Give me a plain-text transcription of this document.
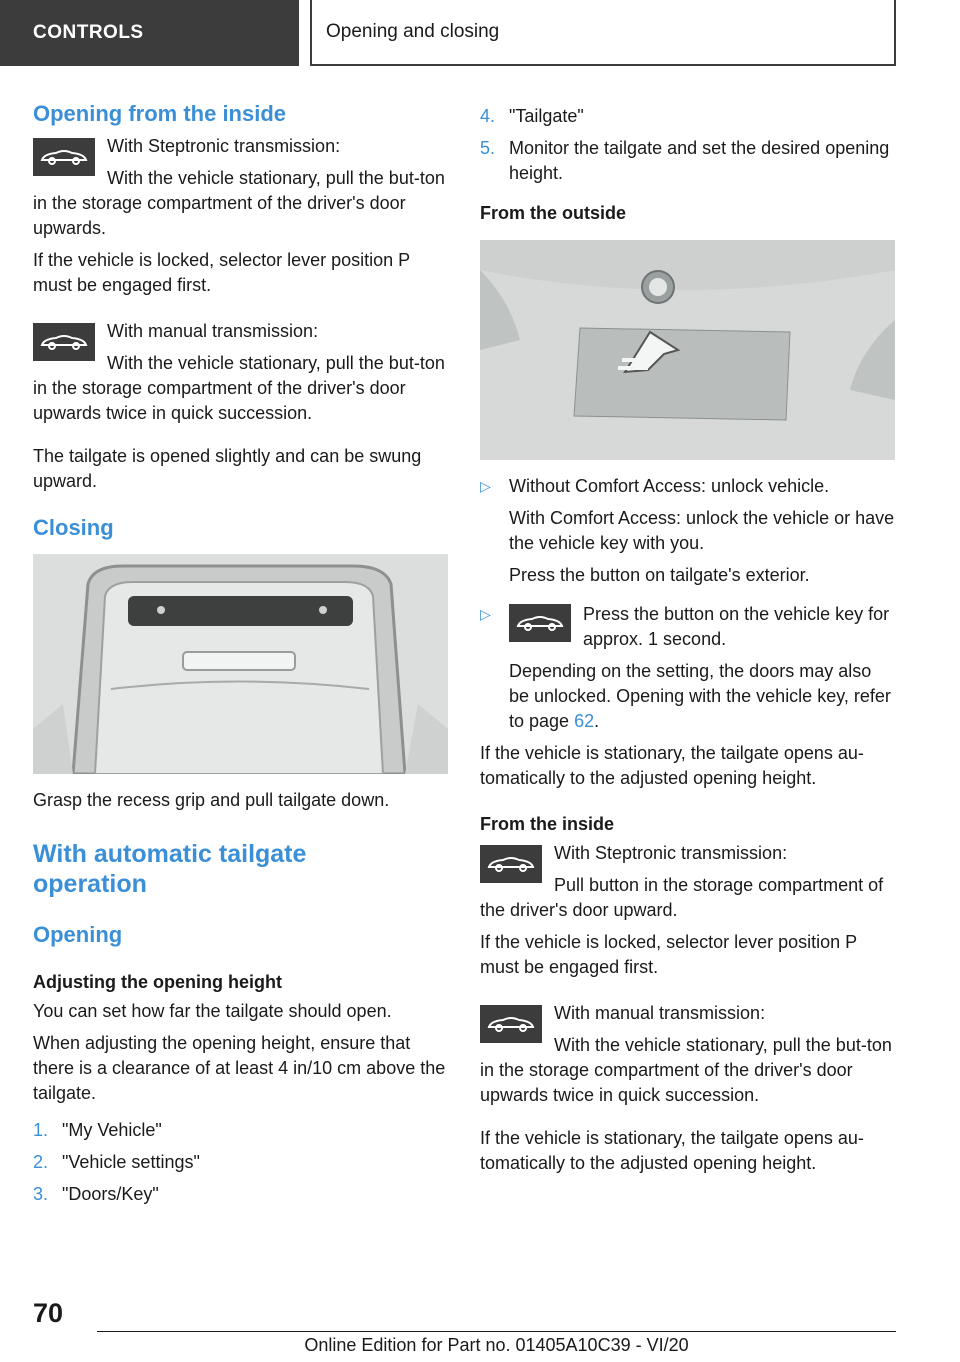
CONTROLS	Opening and closing
Opening from the inside

With Steptronic transmission:

With the vehicle stationary, pull the but-ton in the storage compartment of the driver's door upwards.

If the vehicle is locked, selector lever position P must be engaged first.

With manual transmission:

With the vehicle stationary, pull the but-ton in the storage compartment of the driver's door upwards twice in quick succession.

The tailgate is opened slightly and can be swung upward.

Closing

Grasp the recess grip and pull tailgate down.

With automatic tailgate operation
Opening
Adjusting the opening height

You can set how far the tailgate should open.

When adjusting the opening height, ensure that there is a clearance of at least 4 in/10 cm above the tailgate.

1. "My Vehicle"
2. "Vehicle settings"
3. "Doors/Key"
4. "Tailgate"
5. Monitor the tailgate and set the desired opening height.
From the outside
▷	Without Comfort Access: unlock vehicle.

With Comfort Access: unlock the vehicle or have the vehicle key with you.

Press the button on tailgate's exterior.

▷	Press the button on the vehicle key for approx. 1 second.

Depending on the setting, the doors may also be unlocked. Opening with the vehicle key, refer to page 62.

If the vehicle is stationary, the tailgate opens au-tomatically to the adjusted opening height.

From the inside

With Steptronic transmission:

Pull button in the storage compartment of the driver's door upward.

If the vehicle is locked, selector lever position P must be engaged first.

With manual transmission:

With the vehicle stationary, pull the but-ton in the storage compartment of the driver's door upwards twice in quick succession.

If the vehicle is stationary, the tailgate opens au-tomatically to the adjusted opening height.

70
Online Edition for Part no. 01405A10C39 - VI/20
